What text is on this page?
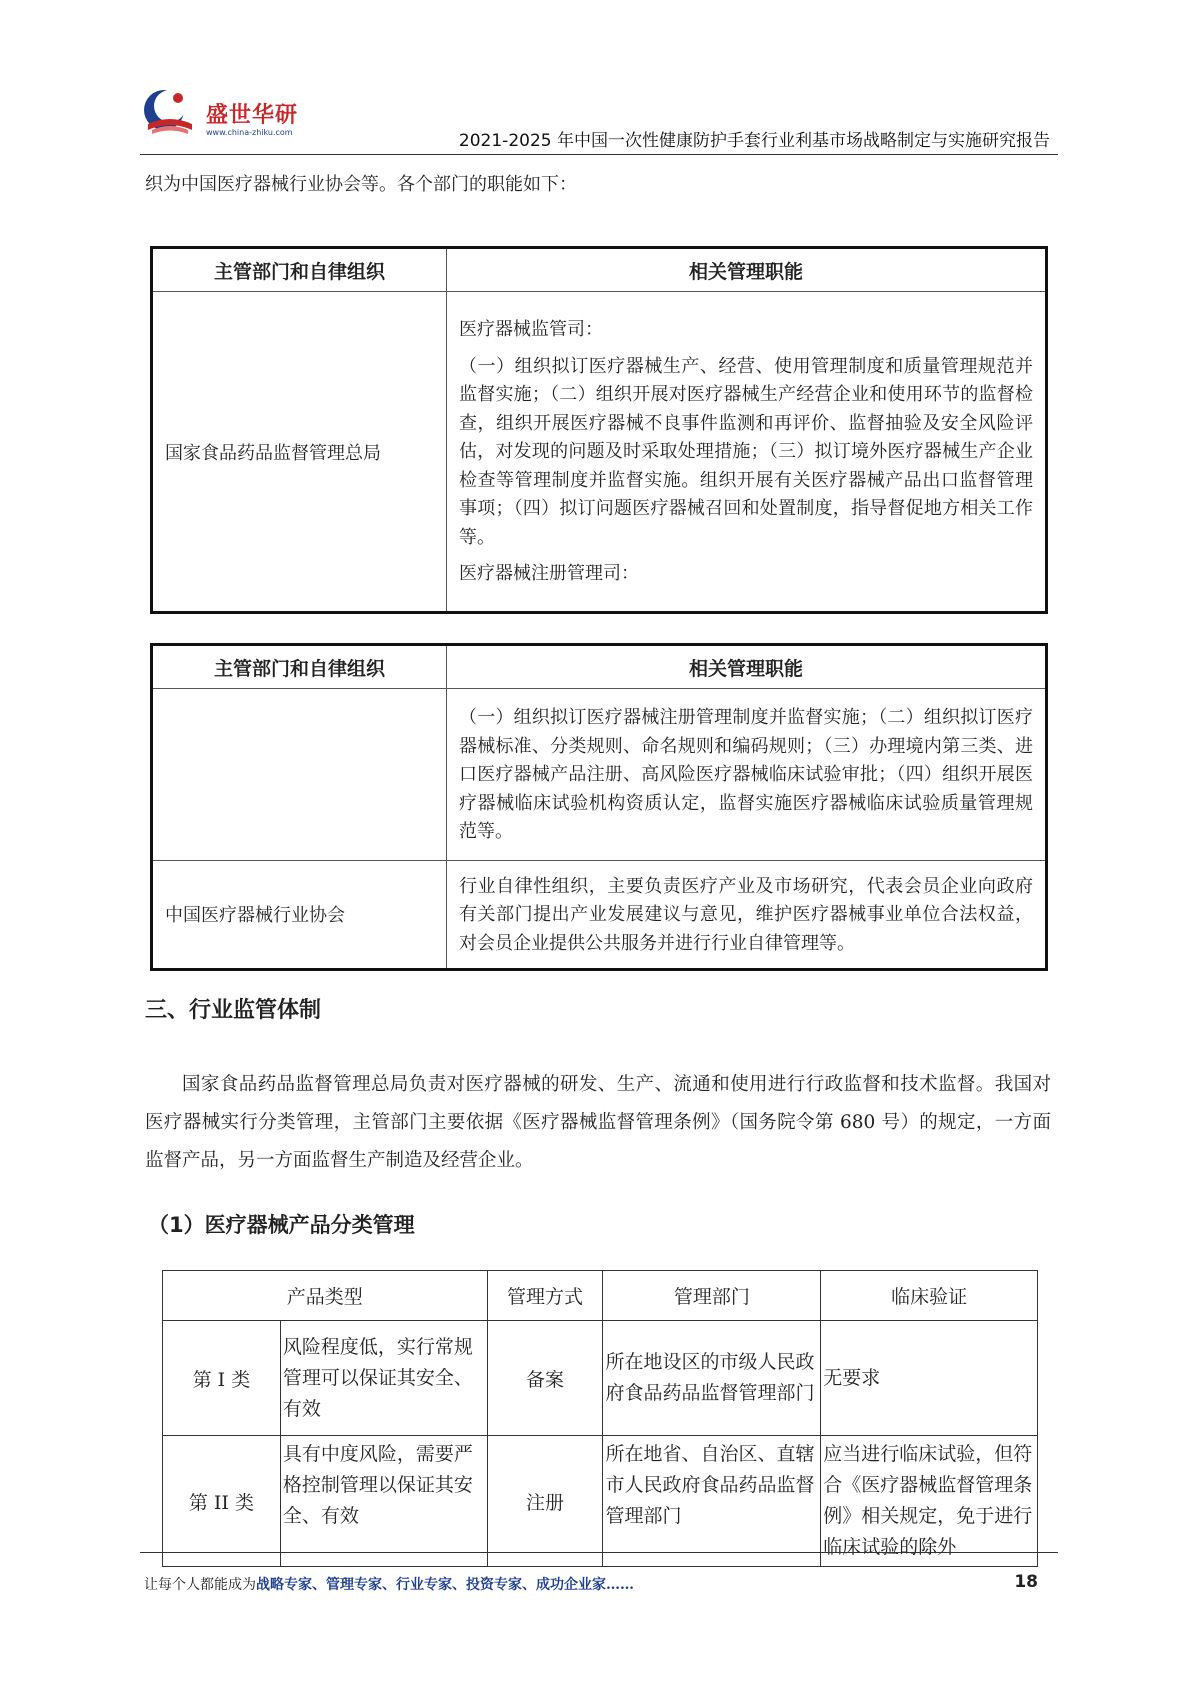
盛世华研
www.china-zhiku.com	2021-2025 年中国一次性健康防护手套行业利基市场战略制定与实施研究报告
织为中国医疗器械行业协会等。各个部门的职能如下：
主管部门和自律组织	相关管理职能
国家食品药品监督管理总局	医疗器械监管司：

（一）组织拟订医疗器械生产、经营、使用管理制度和质量管理规范并监督实施；（二）组织开展对医疗器械生产经营企业和使用环节的监督检查，组织开展医疗器械不良事件监测和再评价、监督抽验及安全风险评估，对发现的问题及时采取处理措施；（三）拟订境外医疗器械生产企业检查等管理制度并监督实施。组织开展有关医疗器械产品出口监督管理事项；（四）拟订问题医疗器械召回和处置制度，指导督促地方相关工作等。

医疗器械注册管理司：

主管部门和自律组织	相关管理职能

	（一）组织拟订医疗器械注册管理制度并监督实施；（二）组织拟订医疗器械标准、分类规则、命名规则和编码规则；（三）办理境内第三类、进口医疗器械产品注册、高风险医疗器械临床试验审批；（四）组织开展医疗器械临床试验机构资质认定，监督实施医疗器械临床试验质量管理规范等。

中国医疗器械行业协会	行业自律性组织，主要负责医疗产业及市场研究，代表会员企业向政府有关部门提出产业发展建议与意见，维护医疗器械事业单位合法权益，对会员企业提供公共服务并进行行业自律管理等。

三、行业监管体制
国家食品药品监督管理总局负责对医疗器械的研发、生产、流通和使用进行行政监督和技术监督。我国对医疗器械实行分类管理，主管部门主要依据《医疗器械监督管理条例》（国务院令第 680 号）的规定，一方面监督产品，另一方面监督生产制造及经营企业。
（1）医疗器械产品分类管理
产品类型		管理方式	管理部门	临床验证
第 I 类	风险程度低，实行常规管理可以保证其安全、有效	备案	所在地设区的市级人民政府食品药品监督管理部门	无要求
第 II 类	具有中度风险，需要严格控制管理以保证其安全、有效	注册	所在地省、自治区、直辖市人民政府食品药品监督管理部门	应当进行临床试验，但符合《医疗器械监督管理条例》相关规定，免于进行临床试验的除外
让每个人都能成为战略专家、管理专家、行业专家、投资专家、成功企业家……	18
